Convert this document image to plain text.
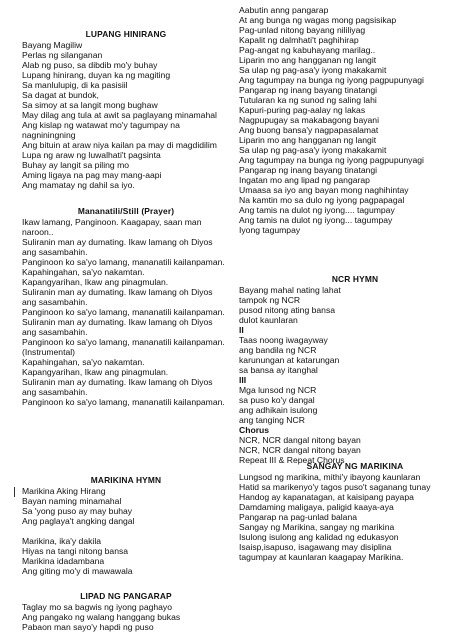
LUPANG HINIRANG
Bayang Magiliw
Perlas ng silanganan
Alab ng puso, sa dibdib mo'y buhay
Lupang hinirang, duyan ka ng magiting
Sa manlulupig, di ka pasisiil
Sa dagat at bundok,
Sa simoy at sa langit mong bughaw
May dilag ang tula at awit sa paglayang minamahal
Ang kislap ng watawat mo'y tagumpay na
nagniningning
Ang bituin at araw niya kailan pa may di magdidilim
Lupa ng araw ng luwalhati't pagsinta
Buhay ay langit sa piling mo
Aming ligaya na pag may mang-aapi
Ang mamatay ng dahil sa iyo.
Mananatili/Still (Prayer)
Ikaw lamang, Panginoon. Kaagapay, saan man
naroon..
Suliranin man ay dumating. Ikaw lamang oh Diyos
ang sasambahin.
Panginoon ko sa'yo lamang, mananatili kailanpaman.
Kapahingahan, sa'yo nakamtan.
Kapangyarihan, Ikaw ang pinagmulan.
Suliranin man ay dumating. Ikaw lamang oh Diyos
ang sasambahin.
Panginoon ko sa'yo lamang, mananatili kailanpaman.
Suliranin man ay dumating. Ikaw lamang oh Diyos
ang sasambahin.
Panginoon ko sa'yo lamang, mananatili kailanpaman.
(Instrumental)
Kapahingahan, sa'yo nakamtan.
Kapangyarihan, Ikaw ang pinagmulan.
Suliranin man ay dumating. Ikaw lamang oh Diyos
ang sasambahin.
Panginoon ko sa'yo lamang, mananatili kailanpaman.
MARIKINA HYMN
Marikina Aking Hirang
Bayan naming minamahal
Sa 'yong puso ay may buhay
Ang paglaya't angking dangal
Marikina, ika'y dakila
Hiyas na tangi nitong bansa
Marikina idadambana
Ang giting mo'y di mawawala
LIPAD NG PANGARAP
Taglay mo sa bagwis ng iyong paghayo
Ang pangako ng walang hanggang bukas
Pabaon man sayo'y hapdi ng puso
Aabutin anng pangarap
At ang bunga ng wagas mong pagsisikap
Pag-unlad nitong bayang nililiyag
Kapalit ng dalmhati't paghihirap
Pag-angat ng kabuhayang marilag..
Liparin mo ang hangganan ng langit
Sa ulap ng pag-asa'y iyong makakamit
Ang tagumpay na bunga ng iyong pagpupunyagi
Pangarap ng inang bayang tinatangi
Tutularan ka ng sunod ng saling lahi
Kapuri-puring pag-aalay ng lakas
Nagpupugay sa makabagong bayani
Ang buong bansa'y nagpapasalamat
Liparin mo ang hangganan ng langit
Sa ulap ng pag-asa'y iyong makakamit
Ang tagumpay na bunga ng iyong pagpupunyagi
Pangarap ng inang bayang tinatangi
Ingatan mo ang lipad ng pangarap
Umaasa sa iyo ang bayan mong naghihintay
Na kamtin mo sa dulo ng iyong pagpapagal
Ang tamis na dulot ng iyong.... tagumpay
Ang tamis na dulot ng iyong... tagumpay
Iyong tagumpay
NCR HYMN
Bayang mahal nating lahat
tampok ng NCR
pusod nitong ating bansa
dulot kaunlaran
II
Taas noong iwagayway
ang bandila ng NCR
karunungan at katarungan
sa bansa ay itanghal
III
Mga lunsod ng NCR
sa puso ko'y dangal
ang adhikain isulong
ang tanging NCR
Chorus
NCR, NCR dangal nitong bayan
NCR, NCR dangal nitong bayan
Repeat III & Repeat Chorus
SANGAY NG MARIKINA
Lungsod ng marikina, mithi'y ibayong kaunlaran
Hatid sa marikenyo'y tagos puso't saganang tunay
Handog ay kapanatagan, at kaisipang payapa
Damdaming maligaya, paligid kaaya-aya
Pangarap na pag-unlad balana
Sangay ng Marikina, sangay ng marikina
Isulong isulong ang kalidad ng edukasyon
Isaisp,isapuso, isagawang may disiplina
tagumpay at kaunlaran kaagapay Marikina.
